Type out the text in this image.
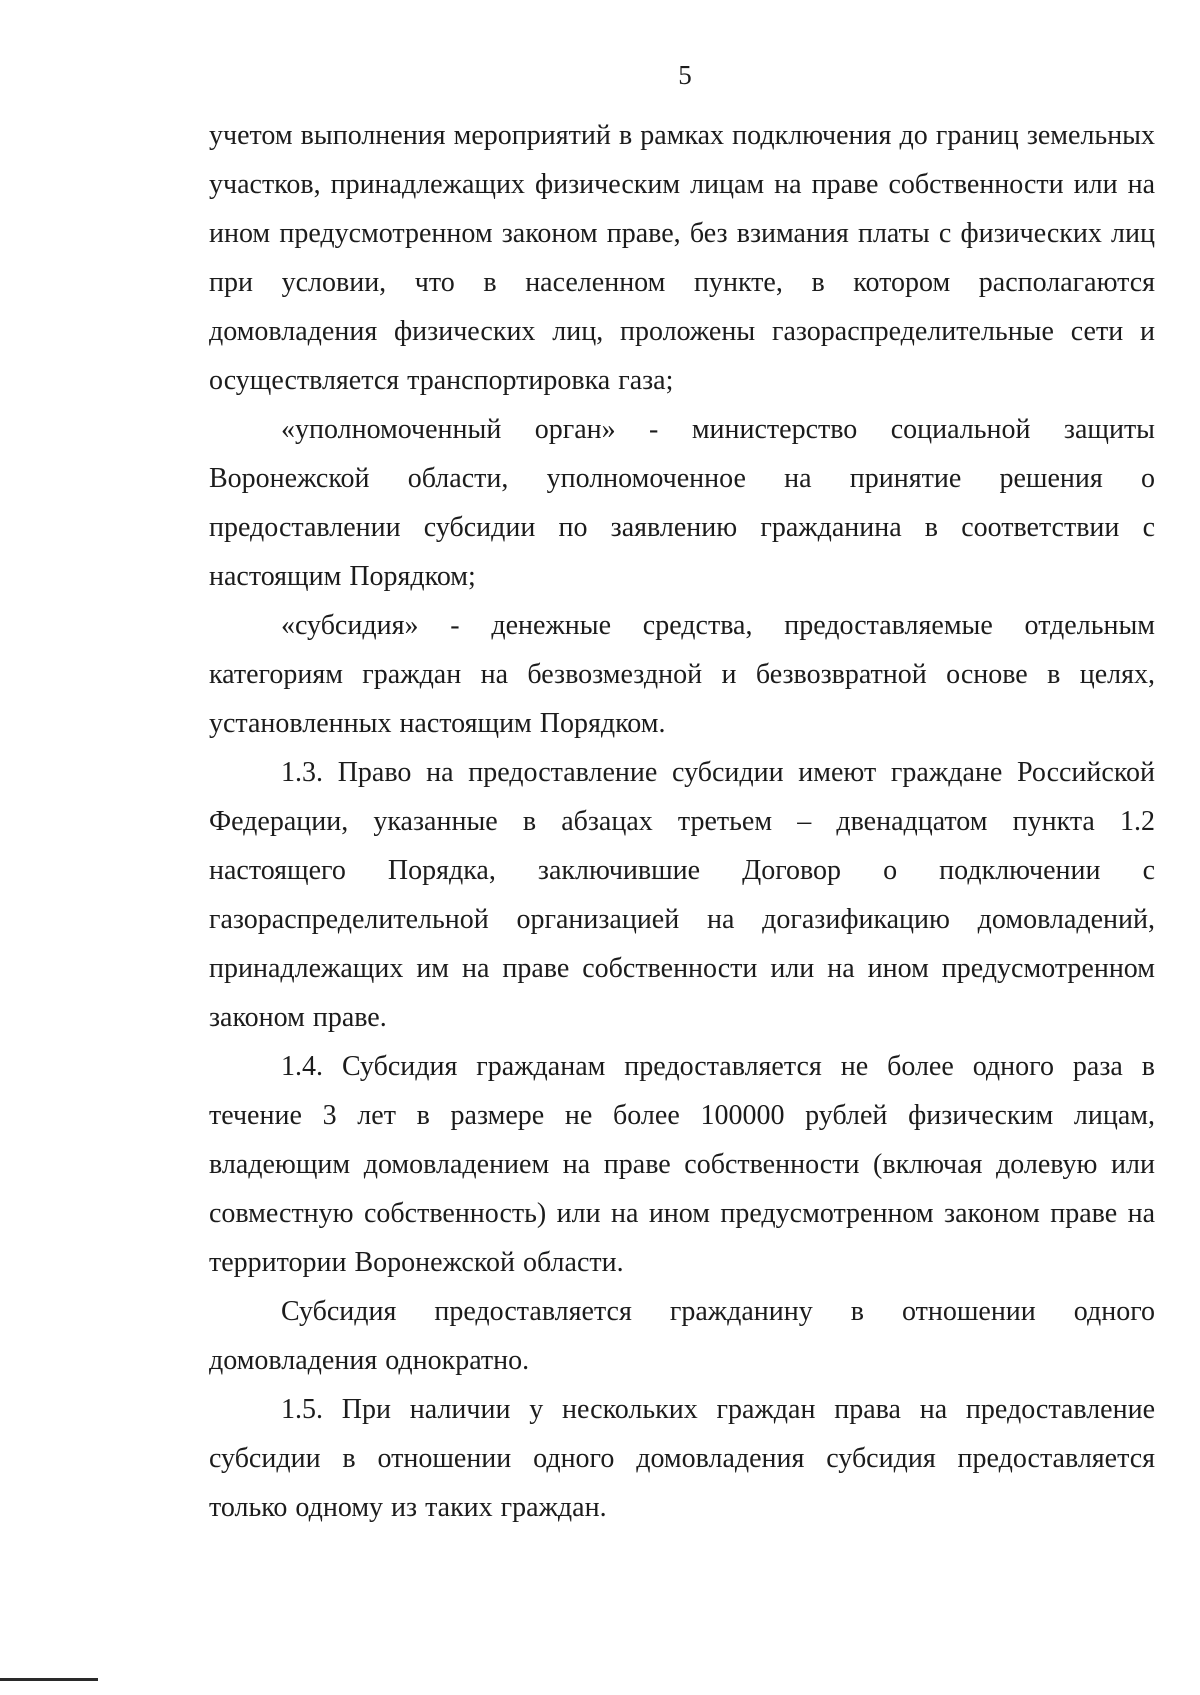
5

учетом выполнения мероприятий в рамках подключения до границ земельных участков, принадлежащих физическим лицам на праве собственности или на ином предусмотренном законом праве, без взимания платы с физических лиц при условии, что в населенном пункте, в котором располагаются домовладения физических лиц, проложены газораспределительные сети и осуществляется транспортировка газа;

«уполномоченный орган» - министерство социальной защиты Воронежской области, уполномоченное на принятие решения о предоставлении субсидии по заявлению гражданина в соответствии с настоящим Порядком;

«субсидия» - денежные средства, предоставляемые отдельным категориям граждан на безвозмездной и безвозвратной основе в целях, установленных настоящим Порядком.

1.3. Право на предоставление субсидии имеют граждане Российской Федерации, указанные в абзацах третьем – двенадцатом пункта 1.2 настоящего Порядка, заключившие Договор о подключении с газораспределительной организацией на догазификацию домовладений, принадлежащих им на праве собственности или на ином предусмотренном законом праве.

1.4. Субсидия гражданам предоставляется не более одного раза в течение 3 лет в размере не более 100000 рублей физическим лицам, владеющим домовладением на праве собственности (включая долевую или совместную собственность) или на ином предусмотренном законом праве на территории Воронежской области.

Субсидия предоставляется гражданину в отношении одного домовладения однократно.

1.5. При наличии у нескольких граждан права на предоставление субсидии в отношении одного домовладения субсидия предоставляется только одному из таких граждан.
